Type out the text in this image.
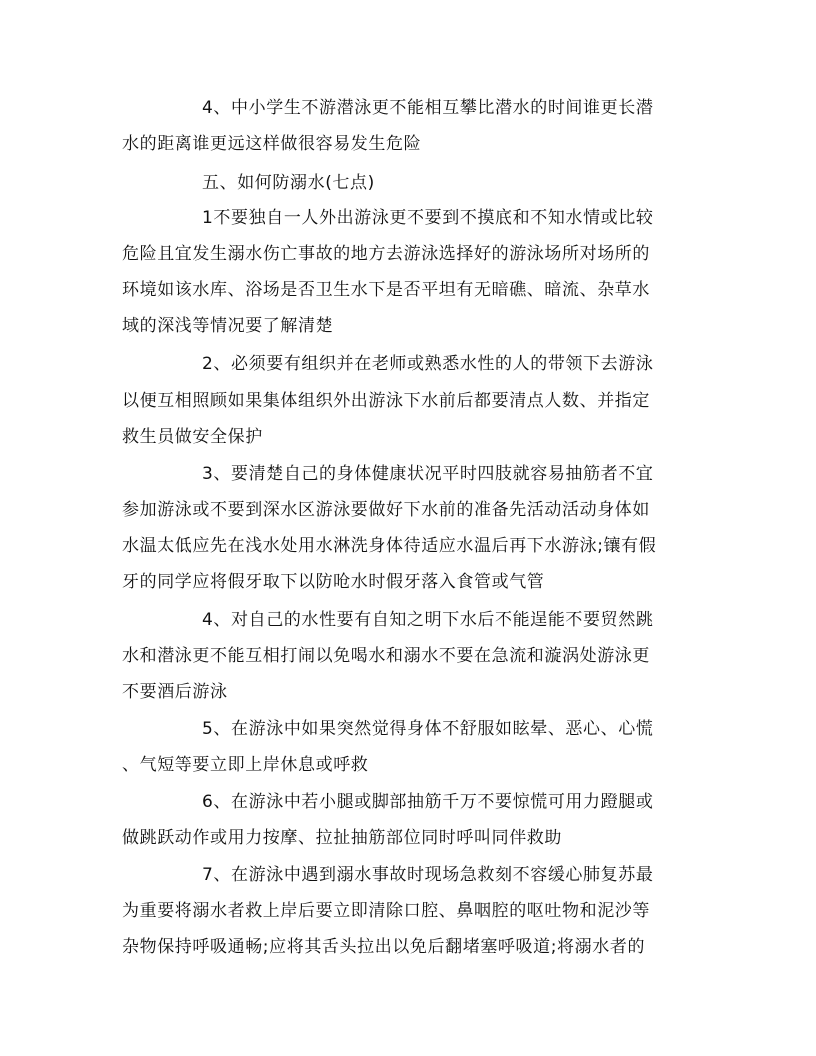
4、中小学生不游潜泳更不能相互攀比潜水的时间谁更长潜
水的距离谁更远这样做很容易发生危险
五、如何防溺水(七点)
1不要独自一人外出游泳更不要到不摸底和不知水情或比较
危险且宜发生溺水伤亡事故的地方去游泳选择好的游泳场所对场所的
环境如该水库、浴场是否卫生水下是否平坦有无暗礁、暗流、杂草水
域的深浅等情况要了解清楚
2、必须要有组织并在老师或熟悉水性的人的带领下去游泳
以便互相照顾如果集体组织外出游泳下水前后都要清点人数、并指定
救生员做安全保护
3、要清楚自己的身体健康状况平时四肢就容易抽筋者不宜
参加游泳或不要到深水区游泳要做好下水前的准备先活动活动身体如
水温太低应先在浅水处用水淋洗身体待适应水温后再下水游泳;镶有假
牙的同学应将假牙取下以防呛水时假牙落入食管或气管
4、对自己的水性要有自知之明下水后不能逞能不要贸然跳
水和潜泳更不能互相打闹以免喝水和溺水不要在急流和漩涡处游泳更
不要酒后游泳
5、在游泳中如果突然觉得身体不舒服如眩晕、恶心、心慌
、气短等要立即上岸休息或呼救
6、在游泳中若小腿或脚部抽筋千万不要惊慌可用力蹬腿或
做跳跃动作或用力按摩、拉扯抽筋部位同时呼叫同伴救助
7、在游泳中遇到溺水事故时现场急救刻不容缓心肺复苏最
为重要将溺水者救上岸后要立即清除口腔、鼻咽腔的呕吐物和泥沙等
杂物保持呼吸通畅;应将其舌头拉出以免后翻堵塞呼吸道;将溺水者的
